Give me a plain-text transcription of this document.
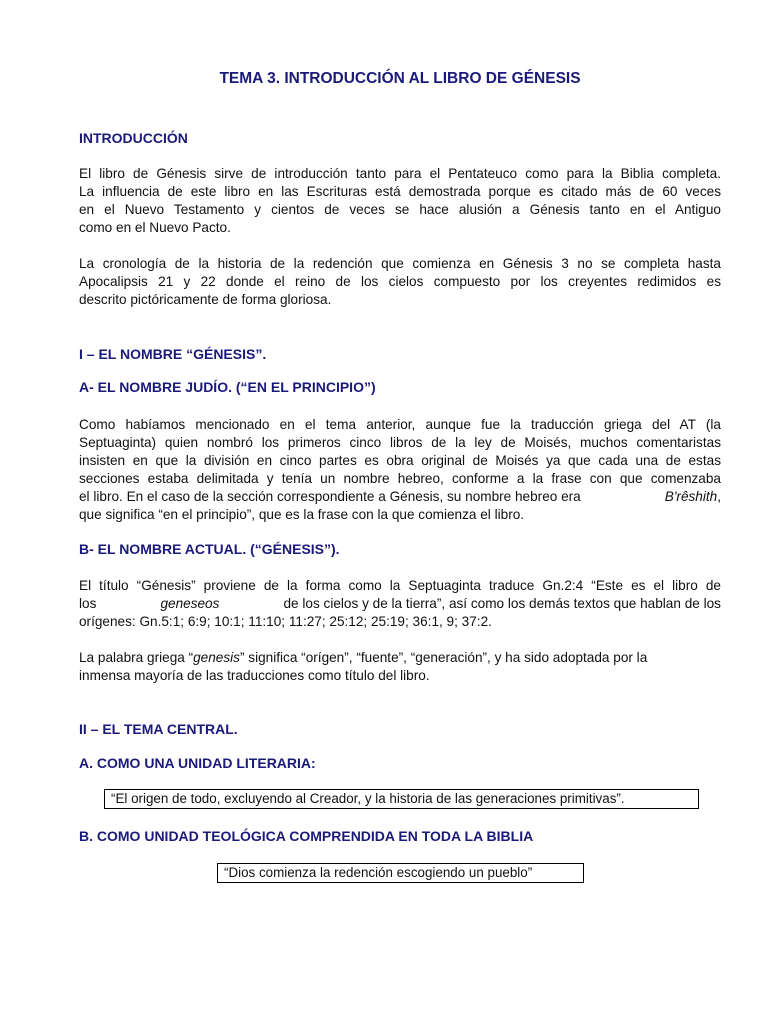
TEMA 3. INTRODUCCIÓN AL LIBRO DE GÉNESIS
INTRODUCCIÓN
El libro de Génesis sirve de introducción tanto para el Pentateuco como para la Biblia completa.
La influencia de este libro en las Escrituras está demostrada porque es citado más de 60 veces
en el Nuevo Testamento y cientos de veces se hace alusión a Génesis tanto en el Antiguo
como en el Nuevo Pacto.
La cronología de la historia de la redención que comienza en Génesis 3 no se completa hasta
Apocalipsis 21 y 22 donde el reino de los cielos compuesto por los creyentes redimidos es
descrito pictóricamente de forma gloriosa.
I – EL NOMBRE “GÉNESIS”.
A- EL NOMBRE JUDÍO. (“EN EL PRINCIPIO”)
Como habíamos mencionado en el tema anterior, aunque fue la traducción griega del AT (la
Septuaginta) quien nombró los primeros cinco libros de la ley de Moisés, muchos comentaristas
insisten en que la división en cinco partes es obra original de Moisés ya que cada una de estas
secciones estaba delimitada y tenía un nombre hebreo, conforme a la frase con que comenzaba
el libro. En el caso de la sección correspondiente a Génesis, su nombre hebreo era	B'rêshith,
que significa “en el principio”, que es la frase con la que comienza el libro.
B- EL NOMBRE ACTUAL. (“GÉNESIS”).
El título “Génesis” proviene de la forma como la Septuaginta traduce Gn.2:4 “Este es el libro de
los	geneseos	de los cielos y de la tierra”, así como los demás textos que hablan de los
orígenes: Gn.5:1; 6:9; 10:1; 11:10; 11:27; 25:12; 25:19; 36:1, 9; 37:2.
La palabra griega “genesis” significa “orígen”, “fuente”, “generación”, y ha sido adoptada por la
inmensa mayoría de las traducciones como título del libro.
II – EL TEMA CENTRAL.
A. COMO UNA UNIDAD LITERARIA:
“El origen de todo, excluyendo al Creador, y la historia de las generaciones primitivas”.
B. COMO UNIDAD TEOLÓGICA COMPRENDIDA EN TODA LA BIBLIA
“Dios comienza la redención escogiendo un pueblo”
